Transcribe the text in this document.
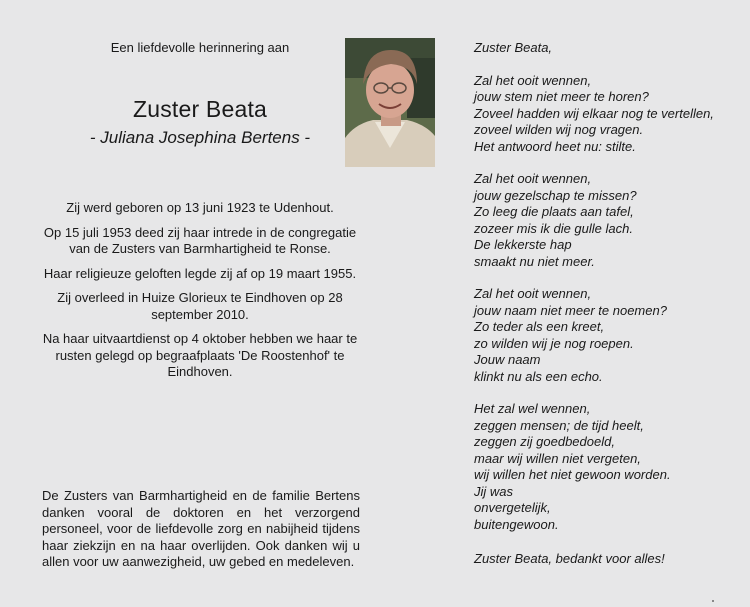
Een liefdevolle herinnering aan
Zuster Beata
- Juliana Josephina Bertens -

Zij werd geboren op 13 juni 1923 te Udenhout.

Op 15 juli 1953 deed zij haar intrede in de congregatie van de Zusters van Barmhartigheid te Ronse.

Haar religieuze geloften legde zij af op 19 maart 1955.

Zij overleed in Huize Glorieux te Eindhoven op 28 september 2010.

Na haar uitvaartdienst op 4 oktober hebben we haar te rusten gelegd op begraafplaats 'De Roostenhof' te Eindhoven.

De Zusters van Barmhartigheid en de familie Bertens danken vooral de doktoren en het verzorgend personeel, voor de liefdevolle zorg en nabijheid tijdens haar ziekzijn en na haar overlijden. Ook danken wij u allen voor uw aanwezigheid, uw gebed en medeleven.

Zuster Beata,
Zal het ooit wennen,
jouw stem niet meer te horen?
Zoveel hadden wij elkaar nog te vertellen,
zoveel wilden wij nog vragen.
Het antwoord heet nu: stilte.
Zal het ooit wennen,
jouw gezelschap te missen?
Zo leeg die plaats aan tafel,
zozeer mis ik die gulle lach.
De lekkerste hap
smaakt nu niet meer.
Zal het ooit wennen,
jouw naam niet meer te noemen?
Zo teder als een kreet,
zo wilden wij je nog roepen.
Jouw naam
klinkt nu als een echo.
Het zal wel wennen,
zeggen mensen; de tijd heelt,
zeggen zij goedbedoeld,
maar wij willen niet vergeten,
wij willen het niet gewoon worden.
Jij was
onvergetelijk,
buitengewoon.
Zuster Beata, bedankt voor alles!
